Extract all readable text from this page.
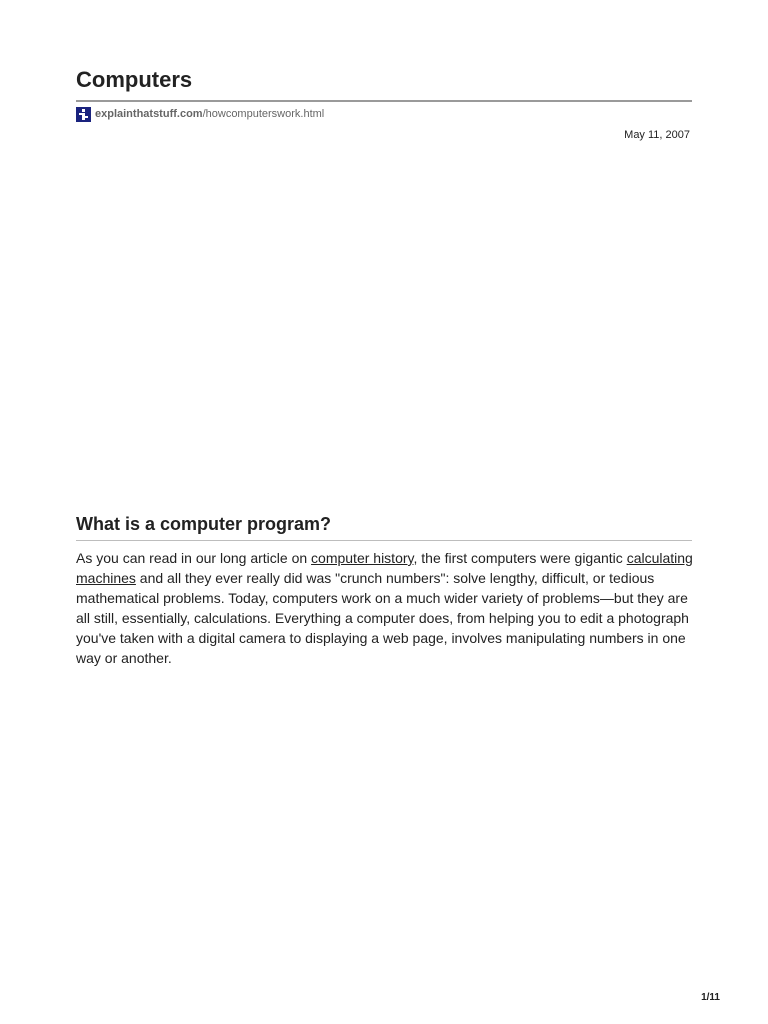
Computers
explainthatstuff.com /howcomputerswork.html
May 11, 2007
What is a computer program?

As you can read in our long article on computer history, the first computers were gigantic calculating machines and all they ever really did was "crunch numbers": solve lengthy, difficult, or tedious mathematical problems. Today, computers work on a much wider variety of problems—but they are all still, essentially, calculations. Everything a computer does, from helping you to edit a photograph you've taken with a digital camera to displaying a web page, involves manipulating numbers in one way or another.

1/11
